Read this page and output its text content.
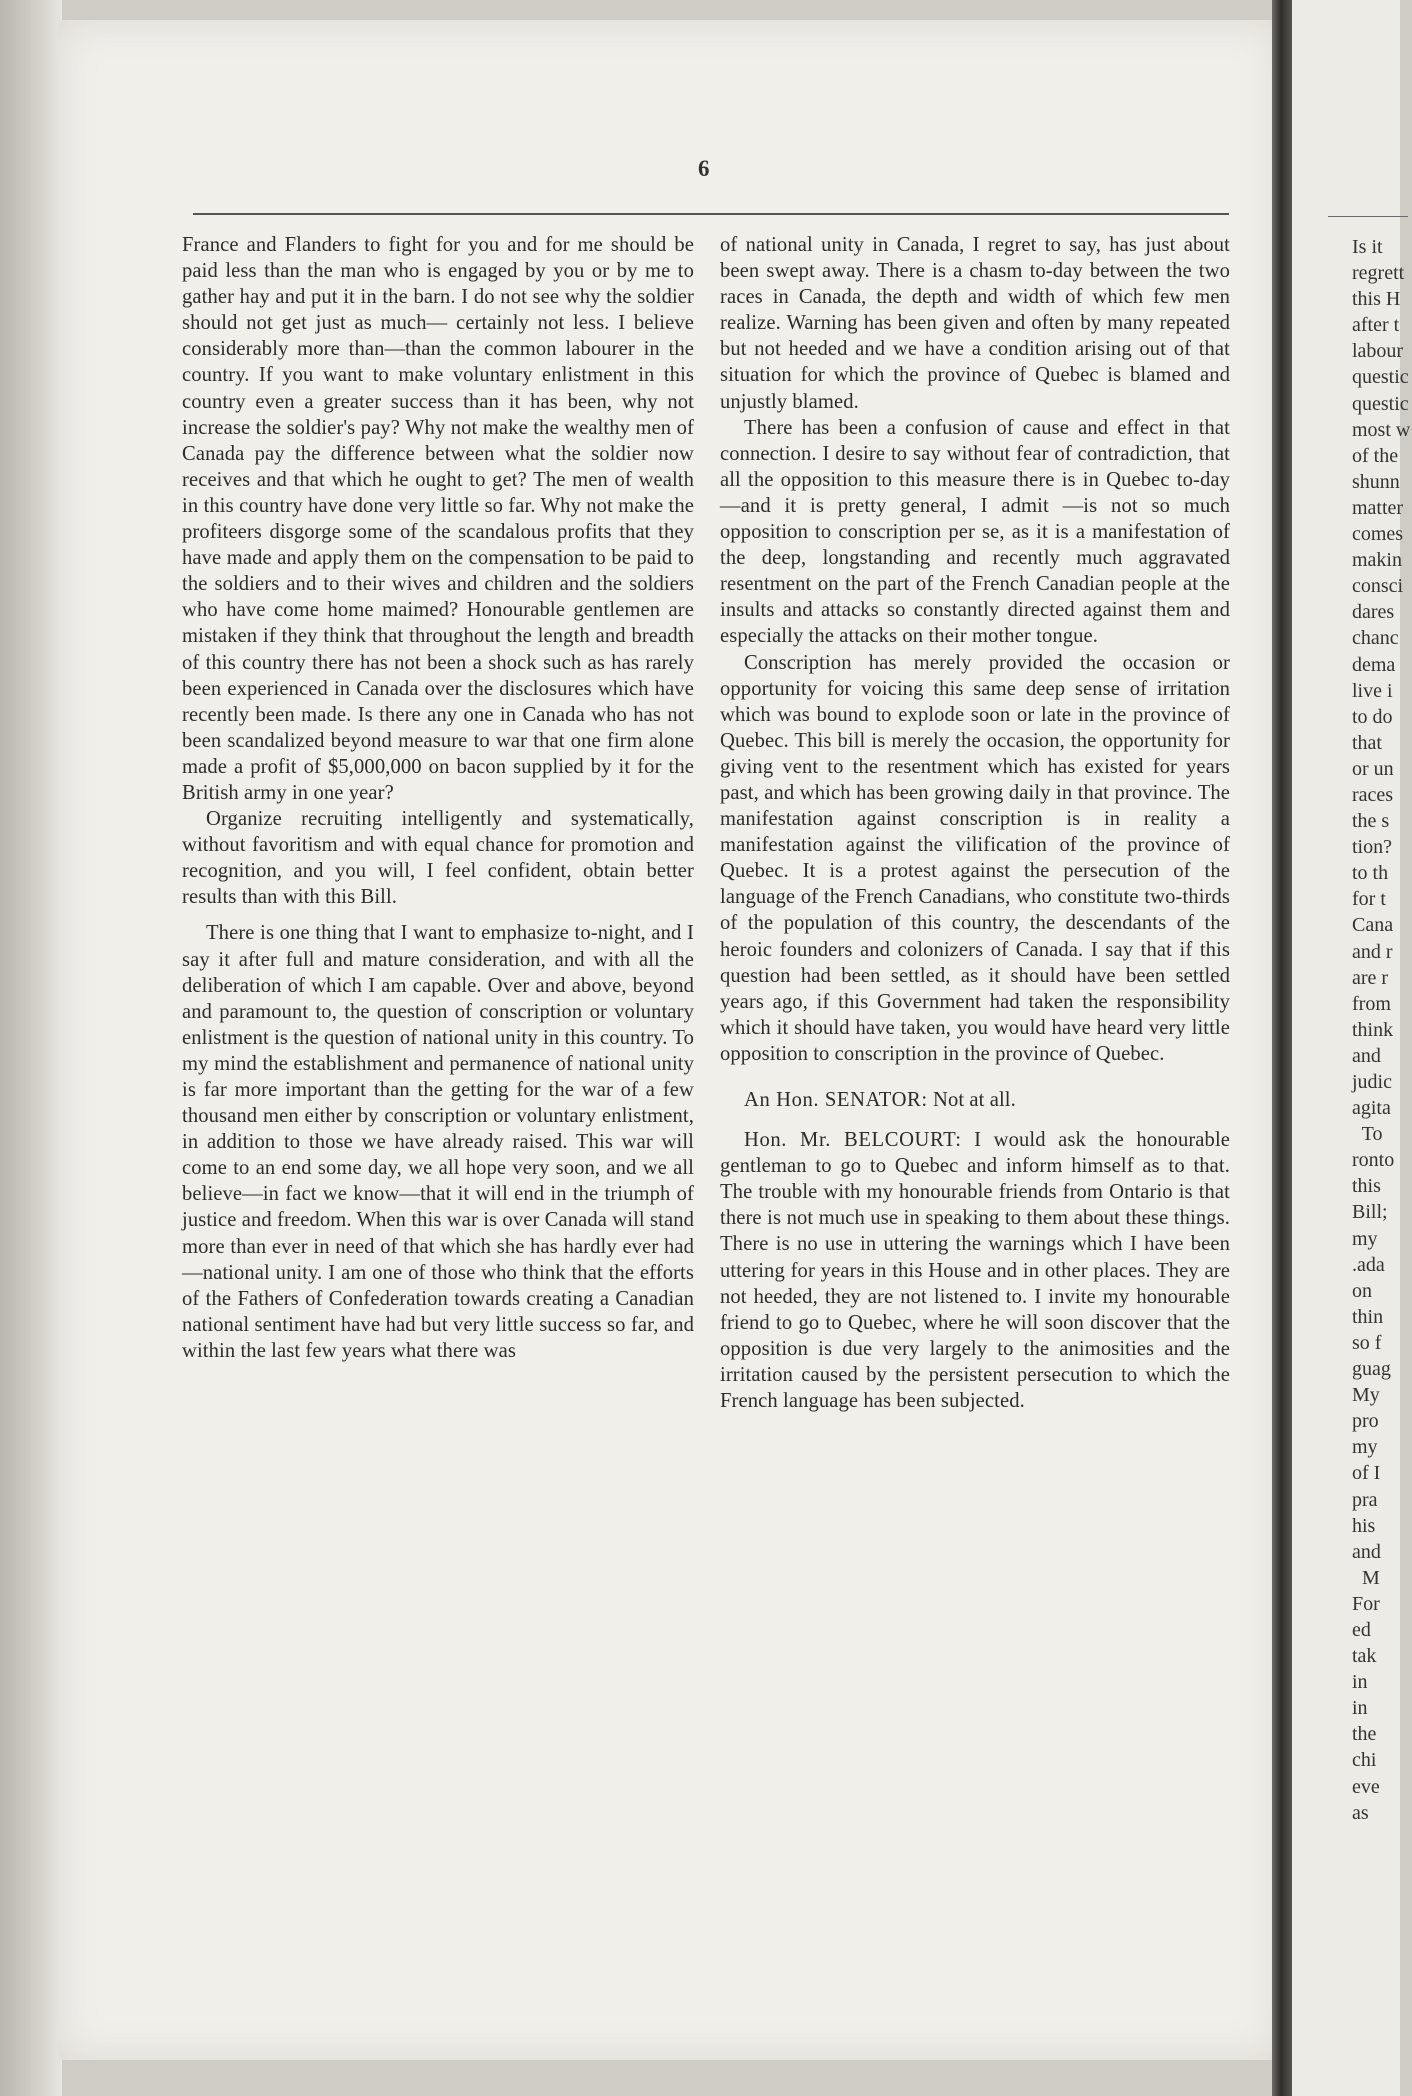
6

France and Flanders to fight for you and for me should be paid less than the man who is engaged by you or by me to gather hay and put it in the barn. I do not see why the soldier should not get just as much— certainly not less. I believe considerably more than—than the common labourer in the country. If you want to make voluntary enlistment in this country even a greater success than it has been, why not increase the soldier's pay? Why not make the wealthy men of Canada pay the difference between what the soldier now receives and that which he ought to get? The men of wealth in this country have done very little so far. Why not make the profiteers disgorge some of the scandalous profits that they have made and apply them on the compensation to be paid to the soldiers and to their wives and children and the soldiers who have come home maimed? Honourable gentlemen are mistaken if they think that throughout the length and breadth of this country there has not been a shock such as has rarely been experienced in Canada over the disclosures which have recently been made. Is there any one in Canada who has not been scandalized beyond measure to war that one firm alone made a profit of $5,000,000 on bacon supplied by it for the British army in one year?

Organize recruiting intelligently and systematically, without favoritism and with equal chance for promotion and recognition, and you will, I feel confident, obtain better results than with this Bill.

There is one thing that I want to emphasize to-night, and I say it after full and mature consideration, and with all the deliberation of which I am capable. Over and above, beyond and paramount to, the question of conscription or voluntary enlistment is the question of national unity in this country. To my mind the establishment and permanence of national unity is far more important than the getting for the war of a few thousand men either by conscription or voluntary enlistment, in addition to those we have already raised. This war will come to an end some day, we all hope very soon, and we all believe—in fact we know—that it will end in the triumph of justice and freedom. When this war is over Canada will stand more than ever in need of that which she has hardly ever had—national unity. I am one of those who think that the efforts of the Fathers of Confederation towards creating a Canadian national sentiment have had but very little success so far, and within the last few years what there was

of national unity in Canada, I regret to say, has just about been swept away. There is a chasm to-day between the two races in Canada, the depth and width of which few men realize. Warning has been given and often by many repeated but not heeded and we have a condition arising out of that situation for which the province of Quebec is blamed and unjustly blamed.

There has been a confusion of cause and effect in that connection. I desire to say without fear of contradiction, that all the opposition to this measure there is in Quebec to-day—and it is pretty general, I admit —is not so much opposition to conscription per se, as it is a manifestation of the deep, longstanding and recently much aggravated resentment on the part of the French Canadian people at the insults and attacks so constantly directed against them and especially the attacks on their mother tongue.

Conscription has merely provided the occasion or opportunity for voicing this same deep sense of irritation which was bound to explode soon or late in the province of Quebec. This bill is merely the occasion, the opportunity for giving vent to the resentment which has existed for years past, and which has been growing daily in that province. The manifestation against conscription is in reality a manifestation against the vilification of the province of Quebec. It is a protest against the persecution of the language of the French Canadians, who constitute two-thirds of the population of this country, the descendants of the heroic founders and colonizers of Canada. I say that if this question had been settled, as it should have been settled years ago, if this Government had taken the responsibility which it should have taken, you would have heard very little opposition to conscription in the province of Quebec.

An Hon. SENATOR: Not at all.

Hon. Mr. BELCOURT: I would ask the honourable gentleman to go to Quebec and inform himself as to that. The trouble with my honourable friends from Ontario is that there is not much use in speaking to them about these things. There is no use in uttering the warnings which I have been uttering for years in this House and in other places. They are not heeded, they are not listened to. I invite my honourable friend to go to Quebec, where he will soon discover that the opposition is due very largely to the animosities and the irritation caused by the persistent persecution to which the French language has been subjected.

Is it
regrett
this H
after t
labour
questic
questic
most w
of the
shunn
matter
comes
makin
consci
dares
chanc
dema
live i
to do
that
or un
races
the s
tion?
to th
for t
Cana
and r
are r
from
think
and
judic
agita
To
ronto
this
Bill;
my
.ada
on
thin
so f
guag
My
pro
my
of I
pra
his
and
M
For
ed
tak
in
in
the
chi
eve
as
